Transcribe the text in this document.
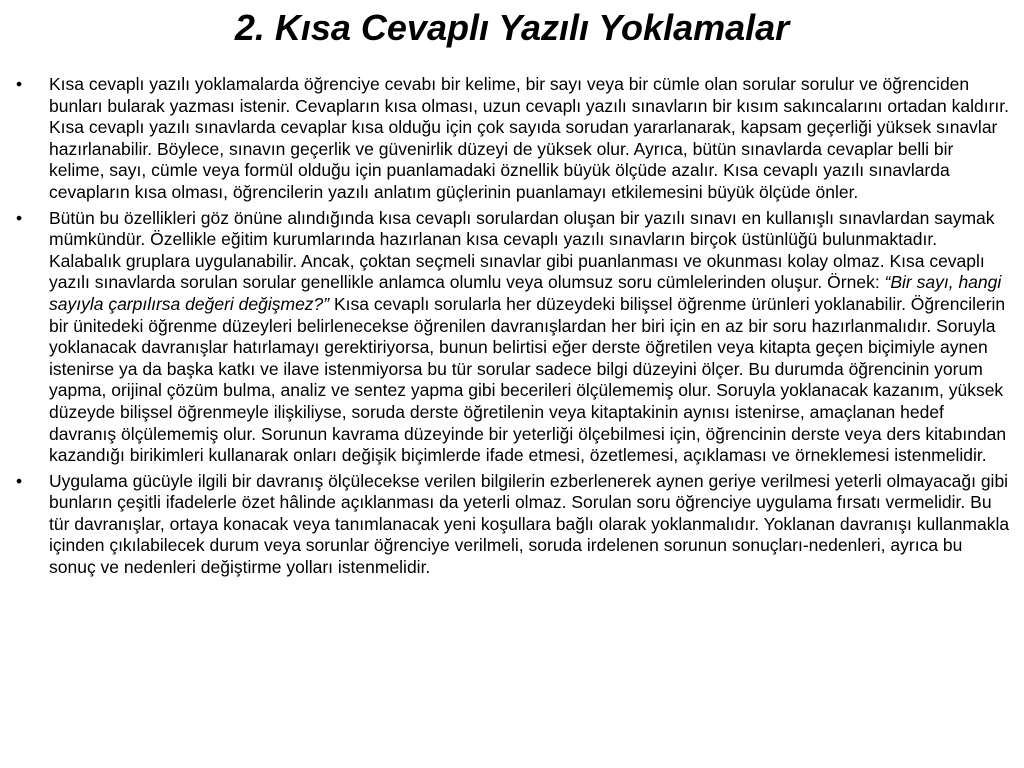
2. Kısa Cevaplı Yazılı Yoklamalar
•	Kısa cevaplı yazılı yoklamalarda öğrenciye cevabı bir kelime, bir sayı veya bir cümle olan sorular sorulur ve öğrenciden bunları bularak yazması istenir. Cevapların kısa olması, uzun cevaplı yazılı sınavların bir kısım sakıncalarını ortadan kaldırır. Kısa cevaplı yazılı sınavlarda cevaplar kısa olduğu için çok sayıda sorudan yararlanarak, kapsam geçerliği yüksek sınavlar hazırlanabilir. Böylece, sınavın geçerlik ve güvenirlik düzeyi de yüksek olur. Ayrıca, bütün sınavlarda cevaplar belli bir kelime, sayı, cümle veya formül olduğu için puanlamadaki öznellik büyük ölçüde azalır. Kısa cevaplı yazılı sınavlarda cevapların kısa olması, öğrencilerin yazılı anlatım güçlerinin puanlamayı etkilemesini büyük ölçüde önler.
•	Bütün bu özellikleri göz önüne alındığında kısa cevaplı sorulardan oluşan bir yazılı sınavı en kullanışlı sınavlardan saymak mümkündür. Özellikle eğitim kurumlarında hazırlanan kısa cevaplı yazılı sınavların birçok üstünlüğü bulunmaktadır. Kalabalık gruplara uygulanabilir. Ancak, çoktan seçmeli sınavlar gibi puanlanması ve okunması kolay olmaz. Kısa cevaplı yazılı sınavlarda sorulan sorular genellikle anlamca olumlu veya olumsuz soru cümlelerinden oluşur. Örnek: “Bir sayı, hangi sayıyla çarpılırsa değeri değişmez?” Kısa cevaplı sorularla her düzeydeki bilişsel öğrenme ürünleri yoklanabilir. Öğrencilerin bir ünitedeki öğrenme düzeyleri belirlenecekse öğrenilen davranışlardan her biri için en az bir soru hazırlanmalıdır. Soruyla yoklanacak davranışlar hatırlamayı gerektiriyorsa, bunun belirtisi eğer derste öğretilen veya kitapta geçen biçimiyle aynen istenirse ya da başka katkı ve ilave istenmiyorsa bu tür sorular sadece bilgi düzeyini ölçer. Bu durumda öğrencinin yorum yapma, orijinal çözüm bulma, analiz ve sentez yapma gibi becerileri ölçülememiş olur. Soruyla yoklanacak kazanım, yüksek düzeyde bilişsel öğrenmeyle ilişkiliyse, soruda derste öğretilenin veya kitaptakinin aynısı istenirse, amaçlanan hedef davranış ölçülememiş olur. Sorunun kavrama düzeyinde bir yeterliği ölçebilmesi için, öğrencinin derste veya ders kitabından kazandığı birikimleri kullanarak onları değişik biçimlerde ifade etmesi, özetlemesi, açıklaması ve örneklemesi istenmelidir.
•	Uygulama gücüyle ilgili bir davranış ölçülecekse verilen bilgilerin ezberlenerek aynen geriye verilmesi yeterli olmayacağı gibi bunların çeşitli ifadelerle özet hâlinde açıklanması da yeterli olmaz. Sorulan soru öğrenciye uygulama fırsatı vermelidir. Bu tür davranışlar, ortaya konacak veya tanımlanacak yeni koşullara bağlı olarak yoklanmalıdır. Yoklanan davranışı kullanmakla içinden çıkılabilecek durum veya sorunlar öğrenciye verilmeli, soruda irdelenen sorunun sonuçları-nedenleri, ayrıca bu sonuç ve nedenleri değiştirme yolları istenmelidir.
